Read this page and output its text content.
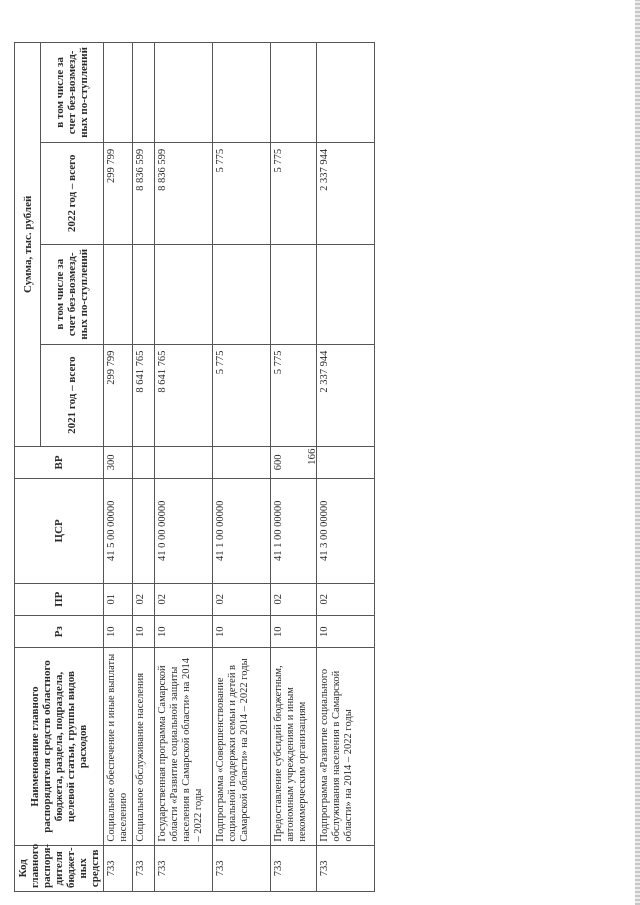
166
Код главного распоря-дителя бюджет-ных средств	Наименование главного распорядителя средств областного бюджета, раздела, подраздела, целевой статьи, группы видов расходов	Рз	ПР	ЦСР	ВР	Сумма, тыс. рублей			
						2021 год – всего	в том числе за счет без-возмезд-ных по-ступлений	2022 год – всего	в том числе за счет без-возмезд-ных по-ступлений
733	Социальное обеспечение и иные выплаты населению	10	01	41 5 00 00000	300	299 799		299 799	
733	Социальное обслуживание населения	10	02			8 641 765		8 836 599	
733	Государственная программа Самарской области «Развитие социальной защиты населения в Самарской области» на 2014 – 2022 годы	10	02	41 0 00 00000		8 641 765		8 836 599	
733	Подпрограмма «Совершенствование социальной поддержки семьи и детей в Самарской области» на 2014 – 2022 годы	10	02	41 1 00 00000		5 775		5 775	
733	Предоставление субсидий бюджетным, автономным учреждениям и иным некоммерческим организациям	10	02	41 1 00 00000	600	5 775		5 775	
733	Подпрограмма «Развитие социального обслуживания населения в Самарской области» на 2014 – 2022 годы	10	02	41 3 00 00000		2 337 944		2 337 944	
